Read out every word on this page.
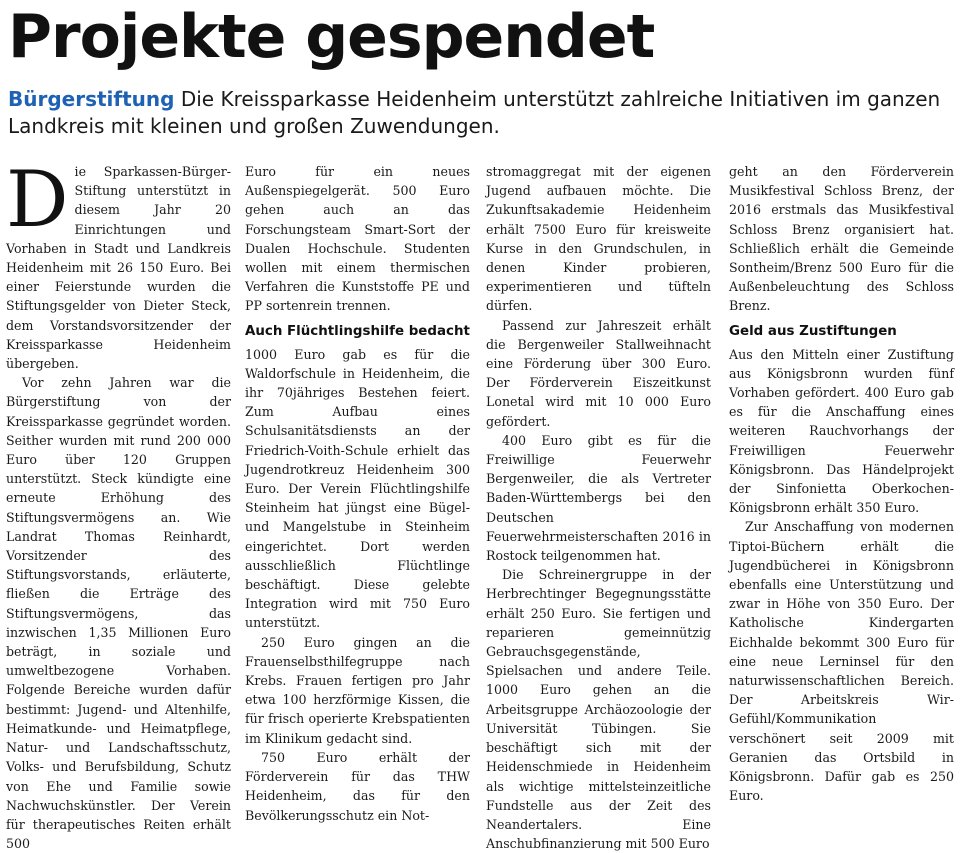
Projekte gespendet

Bürgerstiftung Die Kreissparkasse Heidenheim unterstützt zahlreiche Initiativen im ganzen Landkreis mit kleinen und großen Zuwendungen.

Die Sparkassen-Bürger-Stiftung unterstützt in diesem Jahr 20 Einrichtungen und Vorhaben in Stadt und Landkreis Heidenheim mit 26 150 Euro. Bei einer Feierstunde wurden die Stiftungsgelder von Dieter Steck, dem Vorstandsvorsitzender der Kreissparkasse Heidenheim übergeben.

Vor zehn Jahren war die Bürgerstiftung von der Kreissparkasse gegründet worden. Seither wurden mit rund 200 000 Euro über 120 Gruppen unterstützt. Steck kündigte eine erneute Erhöhung des Stiftungsvermögens an. Wie Landrat Thomas Reinhardt, Vorsitzender des Stiftungsvorstands, erläuterte, fließen die Erträge des Stiftungsvermögens, das inzwischen 1,35 Millionen Euro beträgt, in soziale und umweltbezogene Vorhaben. Folgende Bereiche wurden dafür bestimmt: Jugend- und Altenhilfe, Heimatkunde- und Heimatpflege, Natur- und Landschaftsschutz, Volks- und Berufsbildung, Schutz von Ehe und Familie sowie Nachwuchskünstler. Der Verein für therapeutisches Reiten erhält 500

Euro für ein neues Außenspiegelgerät. 500 Euro gehen auch an das Forschungsteam Smart-Sort der Dualen Hochschule. Studenten wollen mit einem thermischen Verfahren die Kunststoffe PE und PP sortenrein trennen.

Auch Flüchtlingshilfe bedacht

1000 Euro gab es für die Waldorfschule in Heidenheim, die ihr 70jähriges Bestehen feiert. Zum Aufbau eines Schulsanitätsdiensts an der Friedrich-Voith-Schule erhielt das Jugendrotkreuz Heidenheim 300 Euro. Der Verein Flüchtlingshilfe Steinheim hat jüngst eine Bügel- und Mangelstube in Steinheim eingerichtet. Dort werden ausschließlich Flüchtlinge beschäftigt. Diese gelebte Integration wird mit 750 Euro unterstützt.

250 Euro gingen an die Frauenselbsthilfegruppe nach Krebs. Frauen fertigen pro Jahr etwa 100 herzförmige Kissen, die für frisch operierte Krebspatienten im Klinikum gedacht sind.

750 Euro erhält der Förderverein für das THW Heidenheim, das für den Bevölkerungsschutz ein Not-

stromaggregat mit der eigenen Jugend aufbauen möchte. Die Zukunftsakademie Heidenheim erhält 7500 Euro für kreisweite Kurse in den Grundschulen, in denen Kinder probieren, experimentieren und tüfteln dürfen.

Passend zur Jahreszeit erhält die Bergenweiler Stallweihnacht eine Förderung über 300 Euro. Der Förderverein Eiszeitkunst Lonetal wird mit 10 000 Euro gefördert.

400 Euro gibt es für die Freiwillige Feuerwehr Bergenweiler, die als Vertreter Baden-Württembergs bei den Deutschen Feuerwehrmeisterschaften 2016 in Rostock teilgenommen hat.

Die Schreinergruppe in der Herbrechtinger Begegnungsstätte erhält 250 Euro. Sie fertigen und reparieren gemeinnützig Gebrauchsgegenstände, Spielsachen und andere Teile. 1000 Euro gehen an die Arbeitsgruppe Archäozoologie der Universität Tübingen. Sie beschäftigt sich mit der Heidenschmiede in Heidenheim als wichtige mittelsteinzeitliche Fundstelle aus der Zeit des Neandertalers. Eine Anschubfinanzierung mit 500 Euro

geht an den Förderverein Musikfestival Schloss Brenz, der 2016 erstmals das Musikfestival Schloss Brenz organisiert hat. Schließlich erhält die Gemeinde Sontheim/Brenz 500 Euro für die Außenbeleuchtung des Schloss Brenz.

Geld aus Zustiftungen

Aus den Mitteln einer Zustiftung aus Königsbronn wurden fünf Vorhaben gefördert. 400 Euro gab es für die Anschaffung eines weiteren Rauchvorhangs der Freiwilligen Feuerwehr Königsbronn. Das Händelprojekt der Sinfonietta Oberkochen-Königsbronn erhält 350 Euro.

Zur Anschaffung von modernen Tiptoi-Büchern erhält die Jugendbücherei in Königsbronn ebenfalls eine Unterstützung und zwar in Höhe von 350 Euro. Der Katholische Kindergarten Eichhalde bekommt 300 Euro für eine neue Lerninsel für den naturwissenschaftlichen Bereich. Der Arbeitskreis Wir-Gefühl/Kommunikation verschönert seit 2009 mit Geranien das Ortsbild in Königsbronn. Dafür gab es 250 Euro.
